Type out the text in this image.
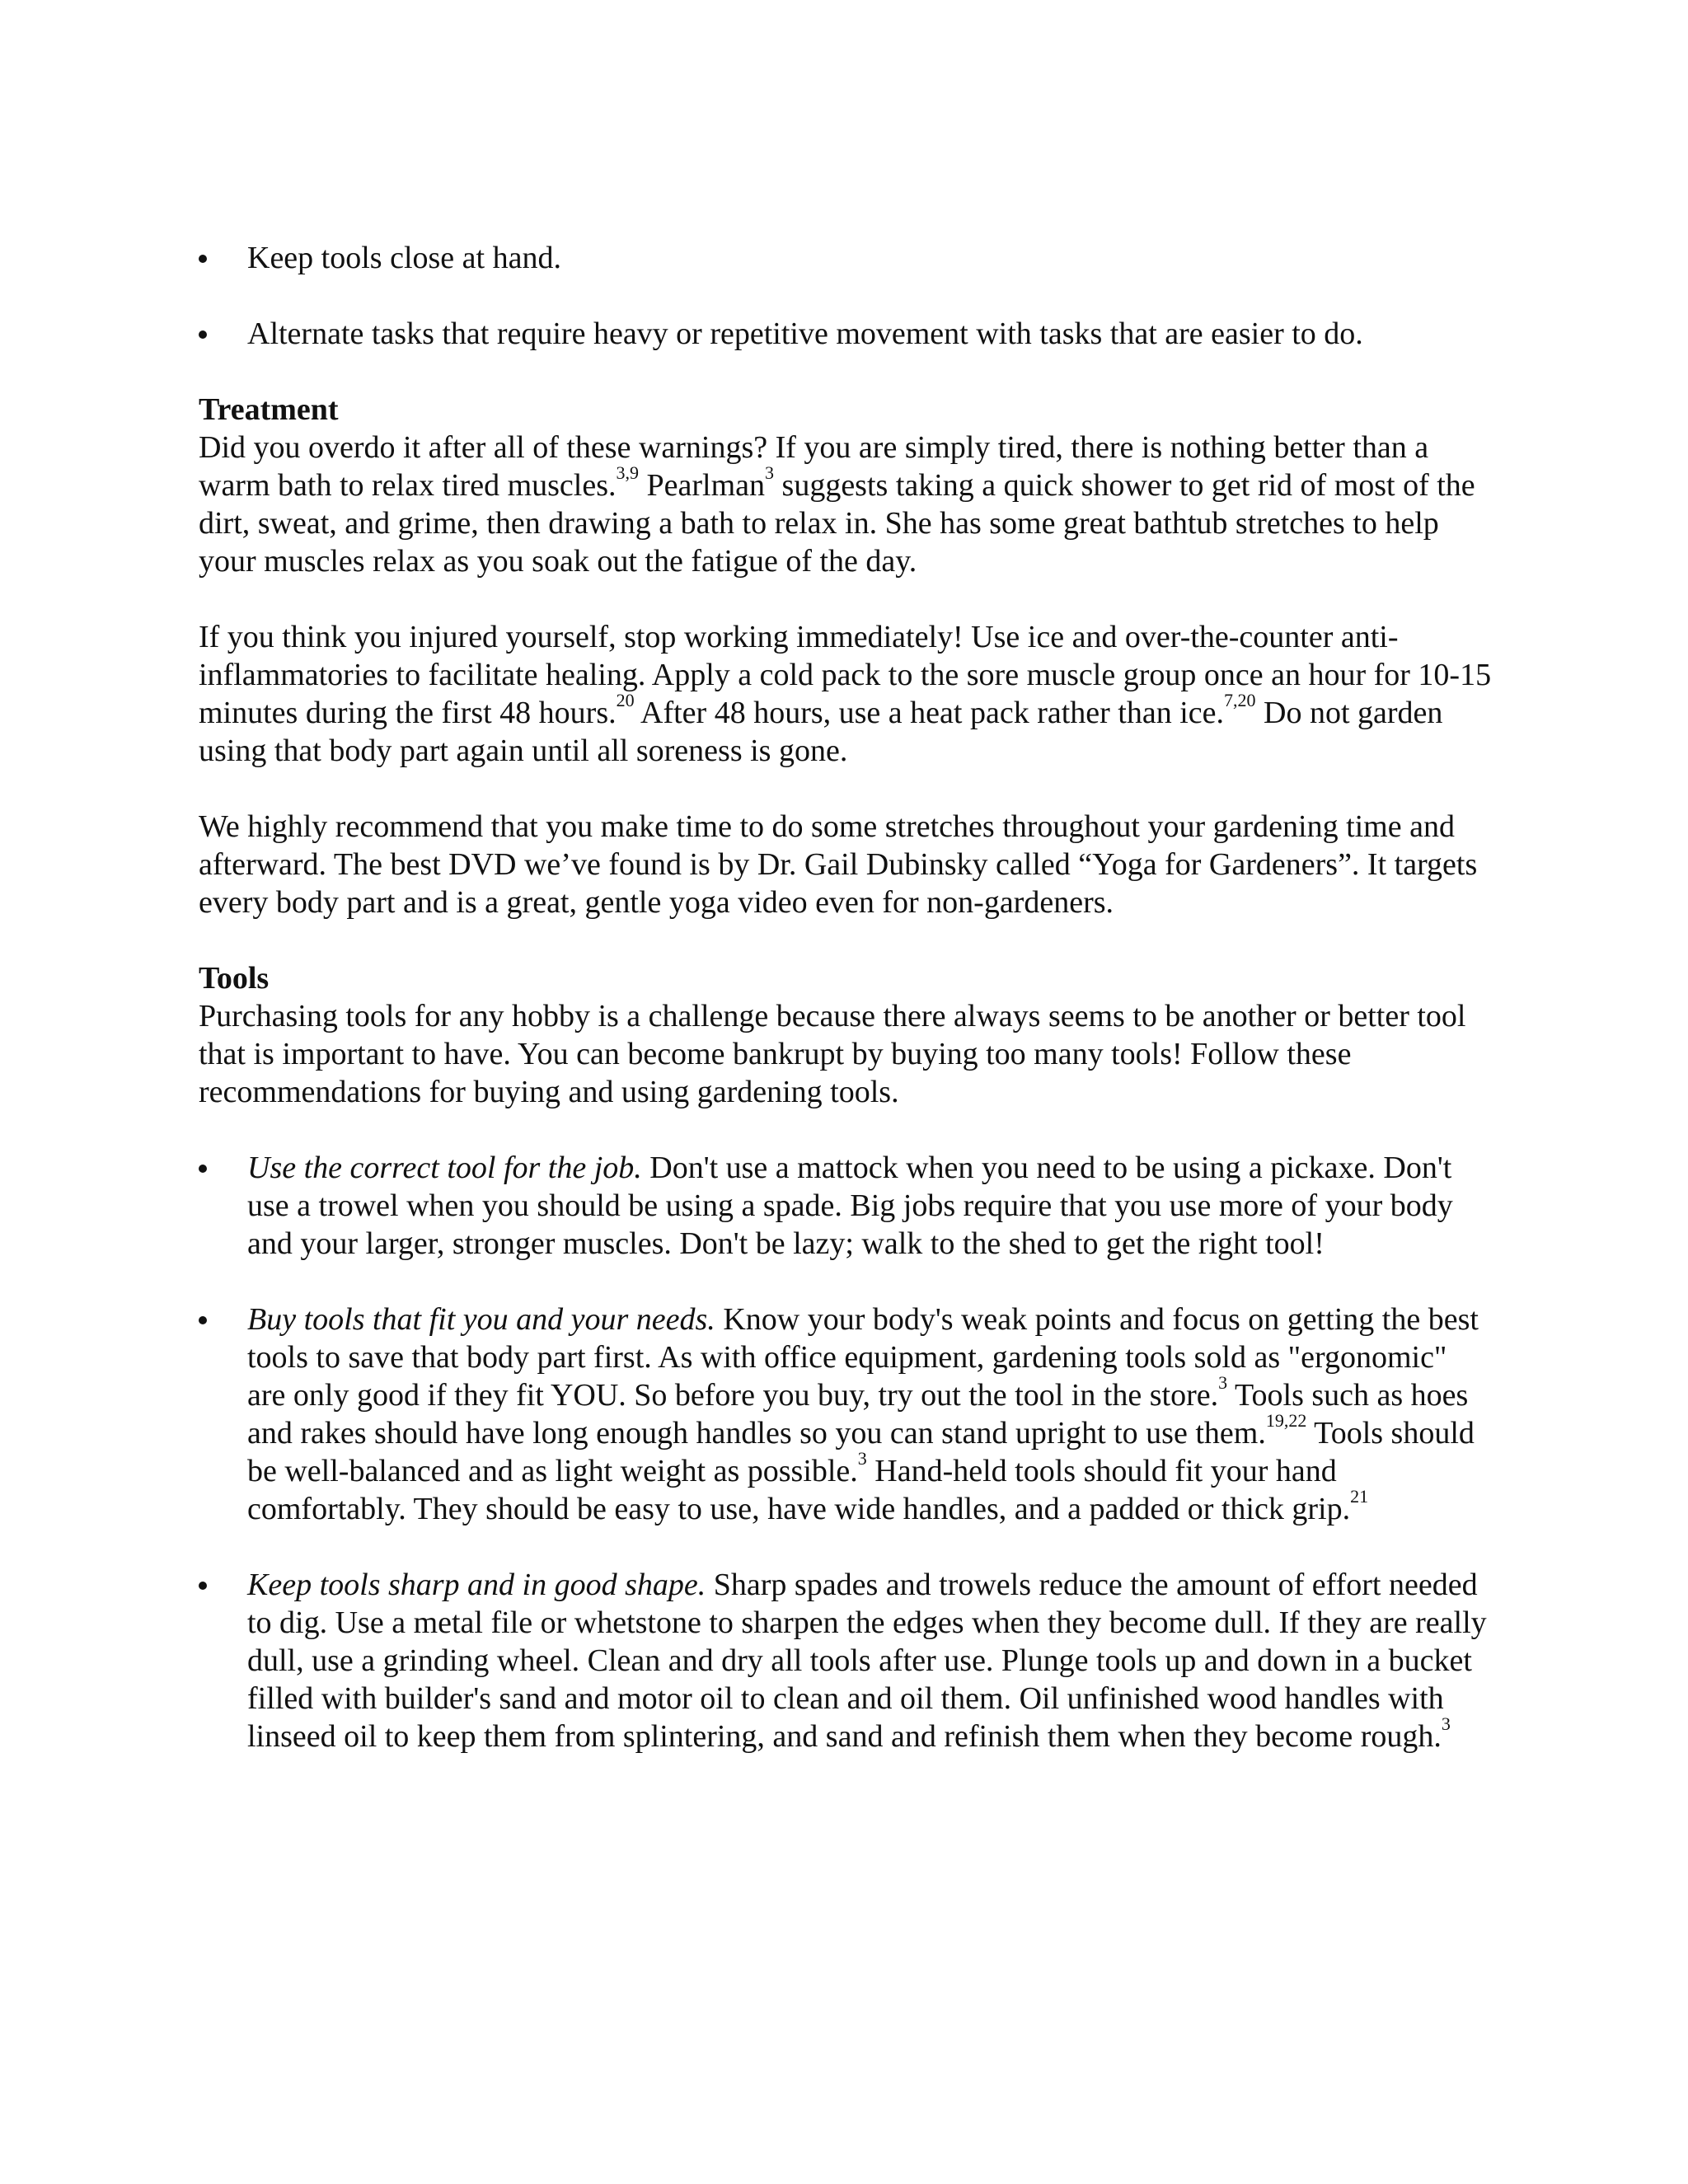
Keep tools close at hand.
Alternate tasks that require heavy or repetitive movement with tasks that are easier to do.

Treatment

Did you overdo it after all of these warnings? If you are simply tired, there is nothing better than a warm bath to relax tired muscles.$^{3,9}$ Pearlman$^3$ suggests taking a quick shower to get rid of most of the dirt, sweat, and grime, then drawing a bath to relax in. She has some great bathtub stretches to help your muscles relax as you soak out the fatigue of the day.

If you think you injured yourself, stop working immediately! Use ice and over-the-counter anti-inflammatories to facilitate healing. Apply a cold pack to the sore muscle group once an hour for 10-15 minutes during the first 48 hours.$^{20}$ After 48 hours, use a heat pack rather than ice.$^{7,20}$ Do not garden using that body part again until all soreness is gone.

We highly recommend that you make time to do some stretches throughout your gardening time and afterward. The best DVD we’ve found is by Dr. Gail Dubinsky called “Yoga for Gardeners”. It targets every body part and is a great, gentle yoga video even for non-gardeners.

Tools

Purchasing tools for any hobby is a challenge because there always seems to be another or better tool that is important to have. You can become bankrupt by buying too many tools! Follow these recommendations for buying and using gardening tools.

Use the correct tool for the job. Don't use a mattock when you need to be using a pickaxe. Don't use a trowel when you should be using a spade. Big jobs require that you use more of your body and your larger, stronger muscles. Don't be lazy; walk to the shed to get the right tool!
Buy tools that fit you and your needs. Know your body's weak points and focus on getting the best tools to save that body part first. As with office equipment, gardening tools sold as "ergonomic" are only good if they fit YOU. So before you buy, try out the tool in the store.$^3$ Tools such as hoes and rakes should have long enough handles so you can stand upright to use them.$^{19,22}$ Tools should be well-balanced and as light weight as possible.$^3$ Hand-held tools should fit your hand comfortably. They should be easy to use, have wide handles, and a padded or thick grip.$^{21}$
Keep tools sharp and in good shape. Sharp spades and trowels reduce the amount of effort needed to dig. Use a metal file or whetstone to sharpen the edges when they become dull. If they are really dull, use a grinding wheel. Clean and dry all tools after use. Plunge tools up and down in a bucket filled with builder's sand and motor oil to clean and oil them. Oil unfinished wood handles with linseed oil to keep them from splintering, and sand and refinish them when they become rough.$^3$
